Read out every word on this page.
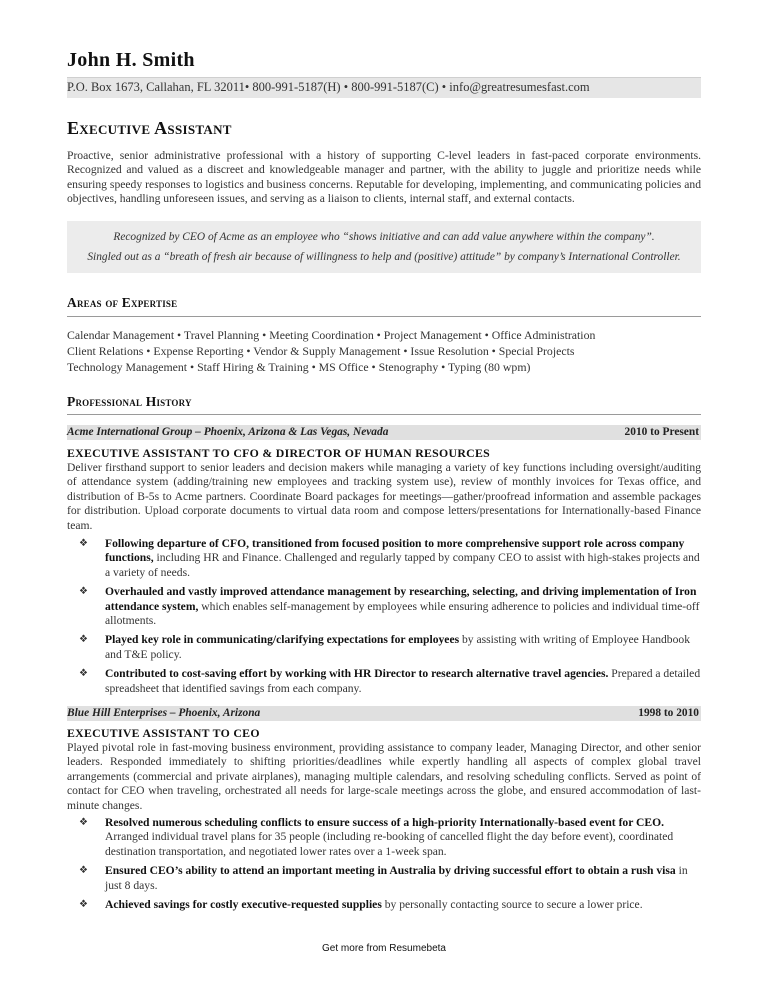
John H. Smith
P.O. Box 1673, Callahan, FL 32011• 800-991-5187(H) • 800-991-5187(C) • info@greatresumesfast.com
Executive Assistant
Proactive, senior administrative professional with a history of supporting C-level leaders in fast-paced corporate environments. Recognized and valued as a discreet and knowledgeable manager and partner, with the ability to juggle and prioritize needs while ensuring speedy responses to logistics and business concerns. Reputable for developing, implementing, and communicating policies and objectives, handling unforeseen issues, and serving as a liaison to clients, internal staff, and external contacts.
Recognized by CEO of Acme as an employee who “shows initiative and can add value anywhere within the company”.
Singled out as a “breath of fresh air because of willingness to help and (positive) attitude” by company’s International Controller.
Areas of Expertise
Calendar Management • Travel Planning • Meeting Coordination • Project Management • Office Administration
Client Relations • Expense Reporting • Vendor & Supply Management • Issue Resolution • Special Projects
Technology Management • Staff Hiring & Training • MS Office • Stenography • Typing (80 wpm)
Professional History
Acme International Group – Phoenix, Arizona & Las Vegas, Nevada	2010 to Present
EXECUTIVE ASSISTANT TO CFO & DIRECTOR OF HUMAN RESOURCES
Deliver firsthand support to senior leaders and decision makers while managing a variety of key functions including oversight/auditing of attendance system (adding/training new employees and tracking system use), review of monthly invoices for Texas office, and distribution of B-5s to Acme partners. Coordinate Board packages for meetings—gather/proofread information and assemble packages for distribution. Upload corporate documents to virtual data room and compose letters/presentations for Internationally-based Finance team.
❖ Following departure of CFO, transitioned from focused position to more comprehensive support role across company functions, including HR and Finance. Challenged and regularly tapped by company CEO to assist with high-stakes projects and a variety of needs.
❖ Overhauled and vastly improved attendance management by researching, selecting, and driving implementation of Iron attendance system, which enables self-management by employees while ensuring adherence to policies and individual time-off allotments.
❖ Played key role in communicating/clarifying expectations for employees by assisting with writing of Employee Handbook and T&E policy.
❖ Contributed to cost-saving effort by working with HR Director to research alternative travel agencies. Prepared a detailed spreadsheet that identified savings from each company.
Blue Hill Enterprises – Phoenix, Arizona	1998 to 2010
EXECUTIVE ASSISTANT TO CEO
Played pivotal role in fast-moving business environment, providing assistance to company leader, Managing Director, and other senior leaders. Responded immediately to shifting priorities/deadlines while expertly handling all aspects of complex global travel arrangements (commercial and private airplanes), managing multiple calendars, and resolving scheduling conflicts. Served as point of contact for CEO when traveling, orchestrated all needs for large-scale meetings across the globe, and ensured accommodation of last-minute changes.
❖ Resolved numerous scheduling conflicts to ensure success of a high-priority Internationally-based event for CEO. Arranged individual travel plans for 35 people (including re-booking of cancelled flight the day before event), coordinated destination transportation, and negotiated lower rates over a 1-week span.
❖ Ensured CEO’s ability to attend an important meeting in Australia by driving successful effort to obtain a rush visa in just 8 days.
❖ Achieved savings for costly executive-requested supplies by personally contacting source to secure a lower price.
Get more from Resumebeta
